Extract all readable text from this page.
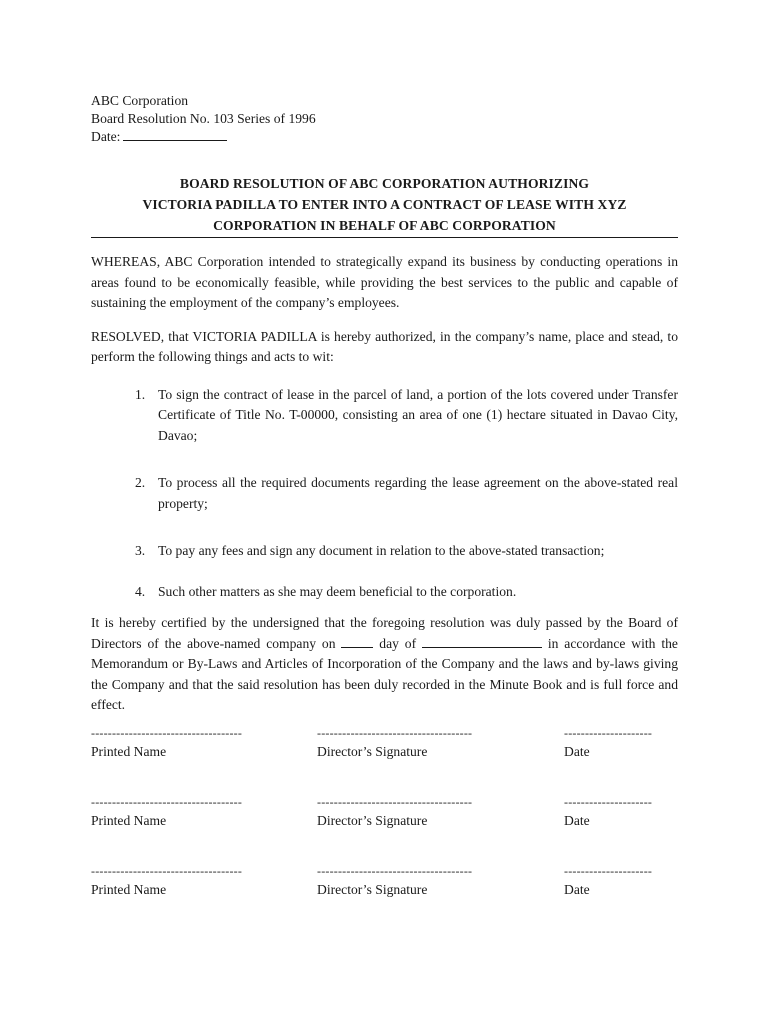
ABC Corporation
Board Resolution No. 103 Series of 1996
Date:
BOARD RESOLUTION OF ABC CORPORATION AUTHORIZING
VICTORIA PADILLA TO ENTER INTO A CONTRACT OF LEASE WITH XYZ
CORPORATION IN BEHALF OF ABC CORPORATION

WHEREAS, ABC Corporation intended to strategically expand its business by conducting operations in areas found to be economically feasible, while providing the best services to the public and capable of sustaining the employment of the company’s employees.

RESOLVED, that VICTORIA PADILLA is hereby authorized, in the company’s name, place and stead, to perform the following things and acts to wit:

1. To sign the contract of lease in the parcel of land, a portion of the lots covered under Transfer Certificate of Title No. T-00000, consisting an area of one (1) hectare situated in Davao City, Davao;
2. To process all the required documents regarding the lease agreement on the above-stated real property;
3. To pay any fees and sign any document in relation to the above-stated transaction;
4. Such other matters as she may deem beneficial to the corporation.

It is hereby certified by the undersigned that the foregoing resolution was duly passed by the Board of Directors of the above-named company on	day of	in accordance with the Memorandum or By-Laws and Articles of Incorporation of the Company and the laws and by-laws giving the Company and that the said resolution has been duly recorded in the Minute Book and is full force and effect.

------------------------------------
Printed Name
-------------------------------------
Director’s Signature
---------------------
Date
------------------------------------
Printed Name
-------------------------------------
Director’s Signature
---------------------
Date
------------------------------------
Printed Name
-------------------------------------
Director’s Signature
---------------------
Date
